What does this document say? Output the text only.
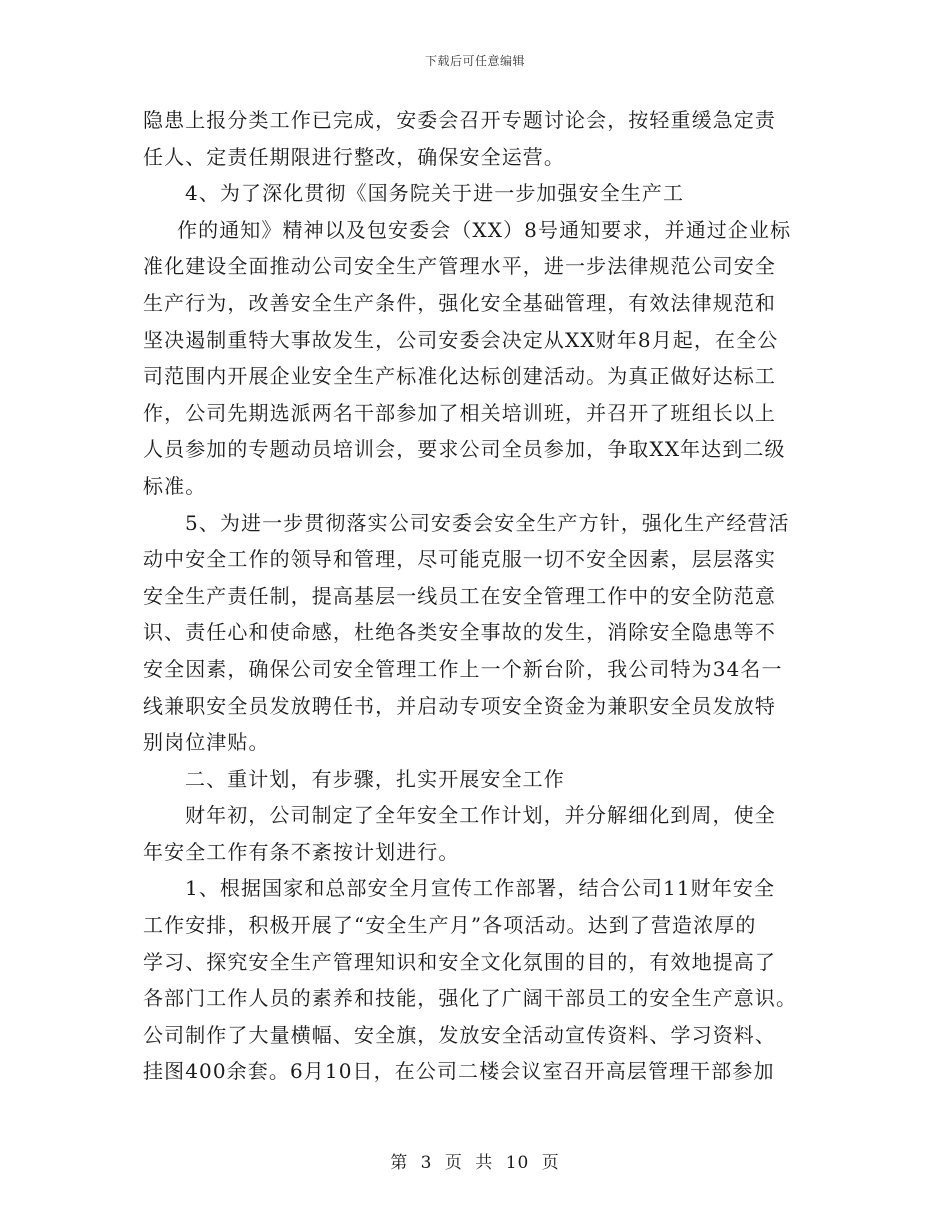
下载后可任意编辑
隐患上报分类工作已完成，安委会召开专题讨论会，按轻重缓急定责
任人、定责任期限进行整改，确保安全运营。
4、为了深化贯彻《国务院关于进一步加强安全生产工
作的通知》精神以及包安委会（XX）8号通知要求，并通过企业标
准化建设全面推动公司安全生产管理水平，进一步法律规范公司安全
生产行为，改善安全生产条件，强化安全基础管理，有效法律规范和
坚决遏制重特大事故发生，公司安委会决定从XX财年8月起，在全公
司范围内开展企业安全生产标准化达标创建活动。为真正做好达标工
作，公司先期选派两名干部参加了相关培训班，并召开了班组长以上
人员参加的专题动员培训会，要求公司全员参加，争取XX年达到二级
标准。
5、为进一步贯彻落实公司安委会安全生产方针，强化生产经营活
动中安全工作的领导和管理，尽可能克服一切不安全因素，层层落实
安全生产责任制，提高基层一线员工在安全管理工作中的安全防范意
识、责任心和使命感，杜绝各类安全事故的发生，消除安全隐患等不
安全因素，确保公司安全管理工作上一个新台阶，我公司特为34名一
线兼职安全员发放聘任书，并启动专项安全资金为兼职安全员发放特
别岗位津贴。
二、重计划，有步骤，扎实开展安全工作
财年初，公司制定了全年安全工作计划，并分解细化到周，使全
年安全工作有条不紊按计划进行。
1、根据国家和总部安全月宣传工作部署，结合公司11财年安全
工作安排，积极开展了“安全生产月”各项活动。达到了营造浓厚的
学习、探究安全生产管理知识和安全文化氛围的目的，有效地提高了
各部门工作人员的素养和技能，强化了广阔干部员工的安全生产意识。
公司制作了大量横幅、安全旗，发放安全活动宣传资料、学习资料、
挂图400余套。6月10日，在公司二楼会议室召开高层管理干部参加
第 3 页 共 10 页
